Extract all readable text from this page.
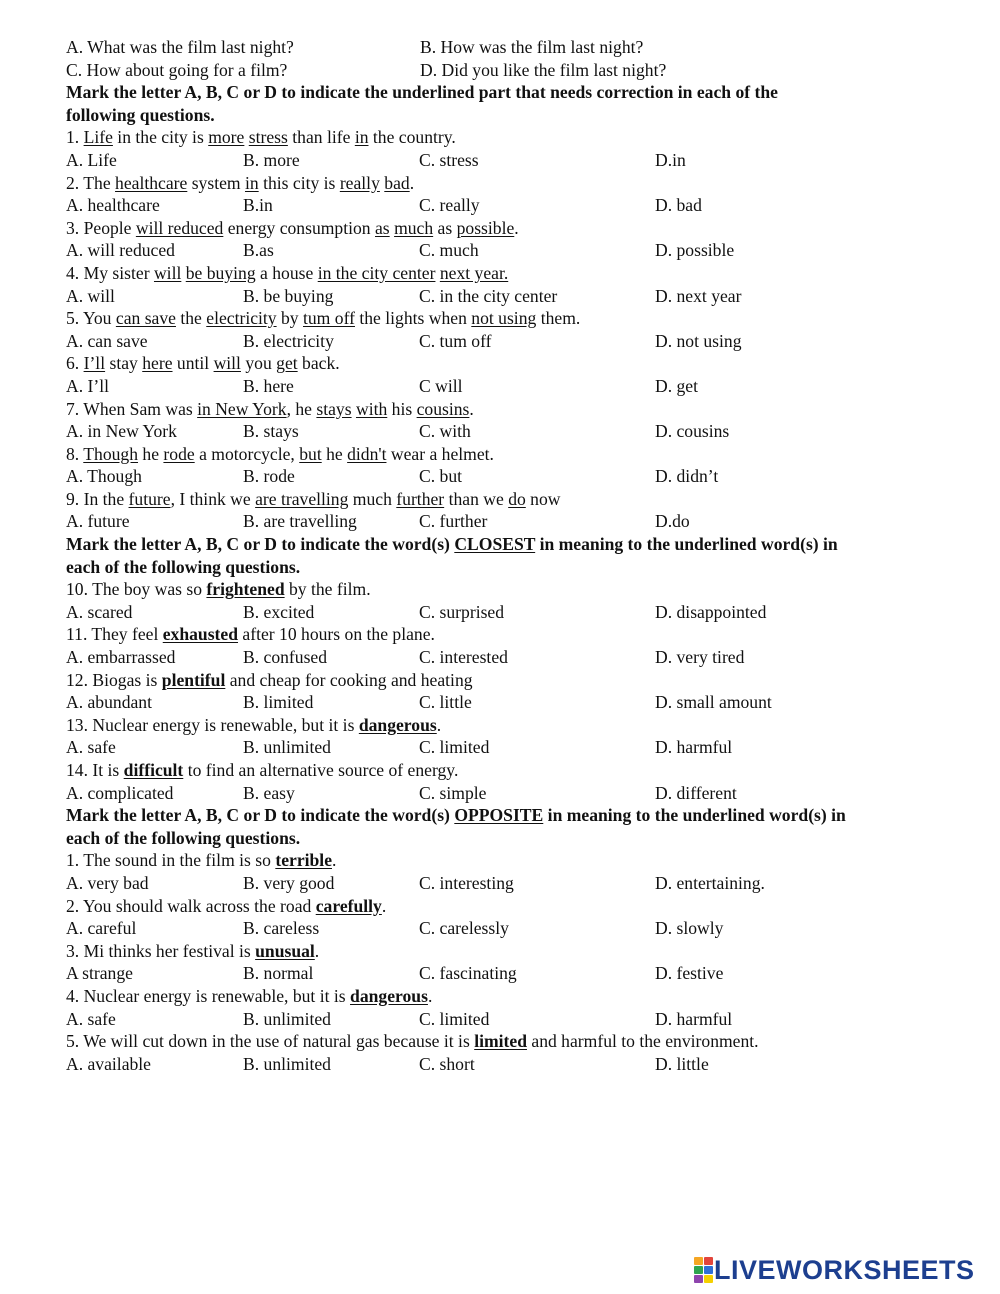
A. What was the film last night?	B. How was the film last night?
C. How about going for a film?	D. Did you like the film last night?
Mark the letter A, B, C or D to indicate the underlined part that needs correction in each of the
following questions.
1. Life in the city is more stress than life in the country.
A. Life	B. more	C. stress	D.in
2. The healthcare system in this city is really bad.
A. healthcare	B.in	C. really	D. bad
3. People will reduced energy consumption as much as possible.
A. will reduced	B.as	C. much	D. possible
4. My sister will be buying a house in the city center next year.
A. will	B. be buying	C. in the city center	D. next year
5. You can save the electricity by tum off the lights when not using them.
A. can save	B. electricity	C. tum off	D. not using
6. I’ll stay here until will you get back.
A. I’ll	B. here	C will	D. get
7. When Sam was in New York, he stays with his cousins.
A. in New York	B. stays	C. with	D. cousins
8. Though he rode a motorcycle, but he didn't wear a helmet.
A. Though	B. rode	C. but	D. didn’t
9. In the future, I think we are travelling much further than we do now
A. future	B. are travelling	C. further	D.do
Mark the letter A, B, C or D to indicate the word(s) CLOSEST in meaning to the underlined word(s) in
each of the following questions.
10. The boy was so frightened by the film.
A. scared	B. excited	C. surprised	D. disappointed
11. They feel exhausted after 10 hours on the plane.
A. embarrassed	B. confused	C. interested	D. very tired
12. Biogas is plentiful and cheap for cooking and heating
A. abundant	B. limited	C. little	D. small amount
13. Nuclear energy is renewable, but it is dangerous.
A. safe	B. unlimited	C. limited	D. harmful
14. It is difficult to find an alternative source of energy.
A. complicated	B. easy	C. simple	D. different
Mark the letter A, B, C or D to indicate the word(s) OPPOSITE in meaning to the underlined word(s) in
each of the following questions.
1. The sound in the film is so terrible.
A. very bad	B. very good	C. interesting	D. entertaining.
2. You should walk across the road carefully.
A. careful	B. careless	C. carelessly	D. slowly
3. Mi thinks her festival is unusual.
A strange	B. normal	C. fascinating	D. festive
4. Nuclear energy is renewable, but it is dangerous.
A. safe	B. unlimited	C. limited	D. harmful
5. We will cut down in the use of natural gas because it is limited and harmful to the environment.
A. available	B. unlimited	C. short	D. little
LIVEWORKSHEETS
